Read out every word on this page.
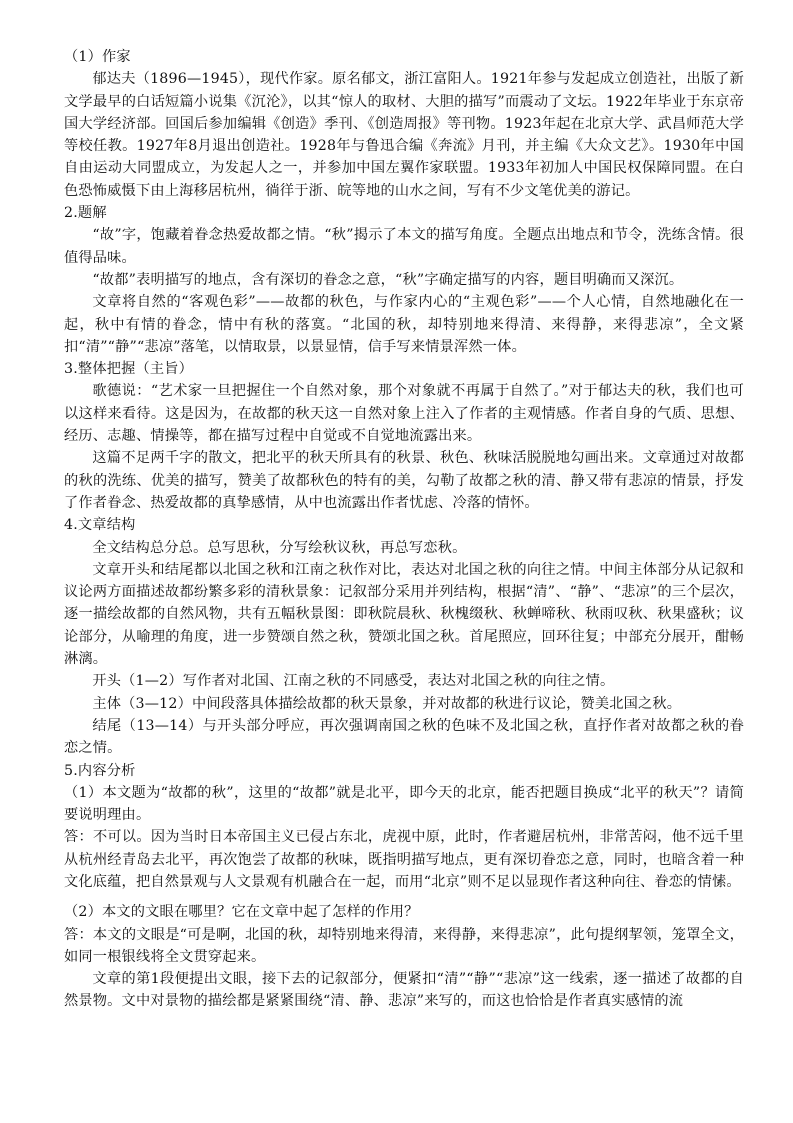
（1）作家

郁达夫（1896—1945），现代作家。原名郁文，浙江富阳人。1921年参与发起成立创造社，出版了新文学最早的白话短篇小说集《沉沦》，以其“惊人的取材、大胆的描写”而震动了文坛。1922年毕业于东京帝国大学经济部。回国后参加编辑《创造》季刊、《创造周报》等刊物。1923年起在北京大学、武昌师范大学等校任教。1927年8月退出创造社。1928年与鲁迅合编《奔流》月刊，并主编《大众文艺》。1930年中国自由运动大同盟成立，为发起人之一，并参加中国左翼作家联盟。1933年初加人中国民权保障同盟。在白色恐怖威慑下由上海移居杭州，徜徉于浙、皖等地的山水之间，写有不少文笔优美的游记。

2.题解

“故”字，饱藏着眷念热爱故都之情。“秋”揭示了本文的描写角度。全题点出地点和节令，洗练含情。很值得品味。

“故都”表明描写的地点，含有深切的眷念之意，“秋”字确定描写的内容，题目明确而又深沉。

文章将自然的“客观色彩”——故都的秋色，与作家内心的“主观色彩”——个人心情，自然地融化在一起，秋中有情的眷念，情中有秋的落寞。“北国的秋，却特别地来得清、来得静，来得悲凉”，全文紧扣“清”“静”“悲凉”落笔，以情取景，以景显情，信手写来情景浑然一体。

3.整体把握（主旨）

歌德说：“艺术家一旦把握住一个自然对象，那个对象就不再属于自然了。”对于郁达夫的秋，我们也可以这样来看待。这是因为，在故都的秋天这一自然对象上注入了作者的主观情感。作者自身的气质、思想、经历、志趣、情操等，都在描写过程中自觉或不自觉地流露出来。

这篇不足两千字的散文，把北平的秋天所具有的秋景、秋色、秋味活脱脱地勾画出来。文章通过对故都的秋的洗练、优美的描写，赞美了故都秋色的特有的美，勾勒了故都之秋的清、静又带有悲凉的情景，抒发了作者眷念、热爱故都的真挚感情，从中也流露出作者忧虑、冷落的情怀。

4.文章结构

全文结构总分总。总写思秋，分写绘秋议秋，再总写恋秋。

文章开头和结尾都以北国之秋和江南之秋作对比，表达对北国之秋的向往之情。中间主体部分从记叙和议论两方面描述故都纷繁多彩的清秋景象：记叙部分采用并列结构，根据“清”、“静”、“悲凉”的三个层次，逐一描绘故都的自然风物，共有五幅秋景图：即秋院晨秋、秋槐缀秋、秋蝉啼秋、秋雨叹秋、秋果盛秋；议论部分，从喻理的角度，进一步赞颂自然之秋，赞颂北国之秋。首尾照应，回环往复；中部充分展开，酣畅淋漓。

开头（1—2）写作者对北国、江南之秋的不同感受，表达对北国之秋的向往之情。

主体（3—12）中间段落具体描绘故都的秋天景象，并对故都的秋进行议论，赞美北国之秋。

结尾（13—14）与开头部分呼应，再次强调南国之秋的色味不及北国之秋，直抒作者对故都之秋的眷恋之情。

5.内容分析

（1）本文题为“故都的秋”，这里的“故都”就是北平，即今天的北京，能否把题目换成“北平的秋天”？请简要说明理由。

答：不可以。因为当时日本帝国主义已侵占东北，虎视中原，此时，作者避居杭州，非常苦闷，他不远千里从杭州经青岛去北平，再次饱尝了故都的秋味，既指明描写地点，更有深切眷恋之意，同时，也暗含着一种文化底蕴，把自然景观与人文景观有机融合在一起，而用“北京”则不足以显现作者这种向往、眷恋的情愫。

（2）本文的文眼在哪里？它在文章中起了怎样的作用？

答：本文的文眼是“可是啊，北国的秋，却特别地来得清，来得静，来得悲凉”，此句提纲挈领，笼罩全文，如同一根银线将全文贯穿起来。

文章的第1段便提出文眼，接下去的记叙部分，便紧扣“清”“静”“悲凉”这一线索，逐一描述了故都的自然景物。文中对景物的描绘都是紧紧围绕“清、静、悲凉”来写的，而这也恰恰是作者真实感情的流
